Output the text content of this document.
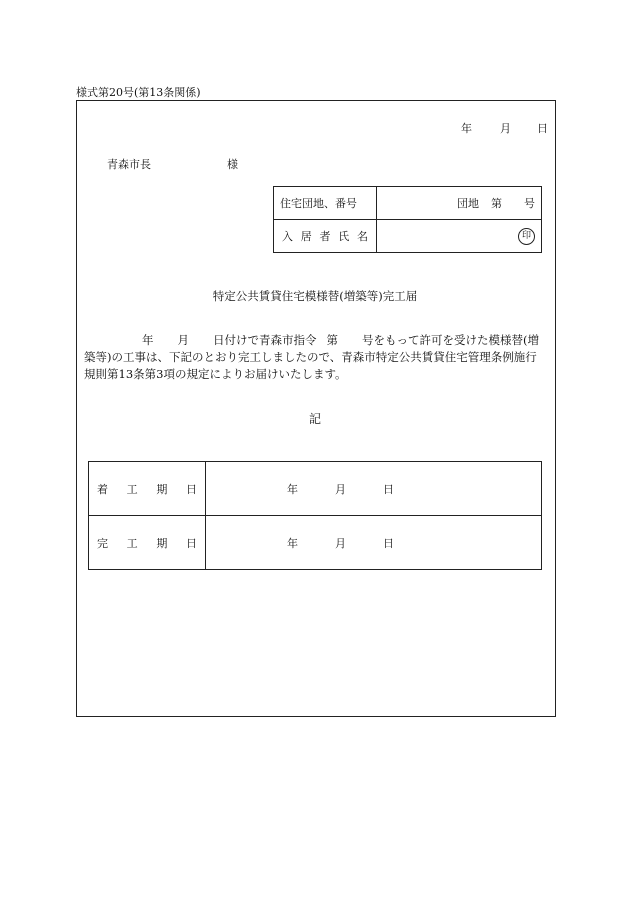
様式第20号(第13条関係)
年	月 日
青森市長	様
住宅団地、番号	団地 第 号

入 居 者 氏 名	印
特定公共賃貸住宅模様替(増築等)完工届
年 月 日付けで青森市指令 第 号をもって許可を受けた模様替(増築等)の工事は、下記のとおり完工しましたので、青森市特定公共賃貸住宅管理条例施行規則第13条第3項の規定によりお届けいたします。
記
着 工 期 日	年 月 日

完 工 期 日	年 月 日
